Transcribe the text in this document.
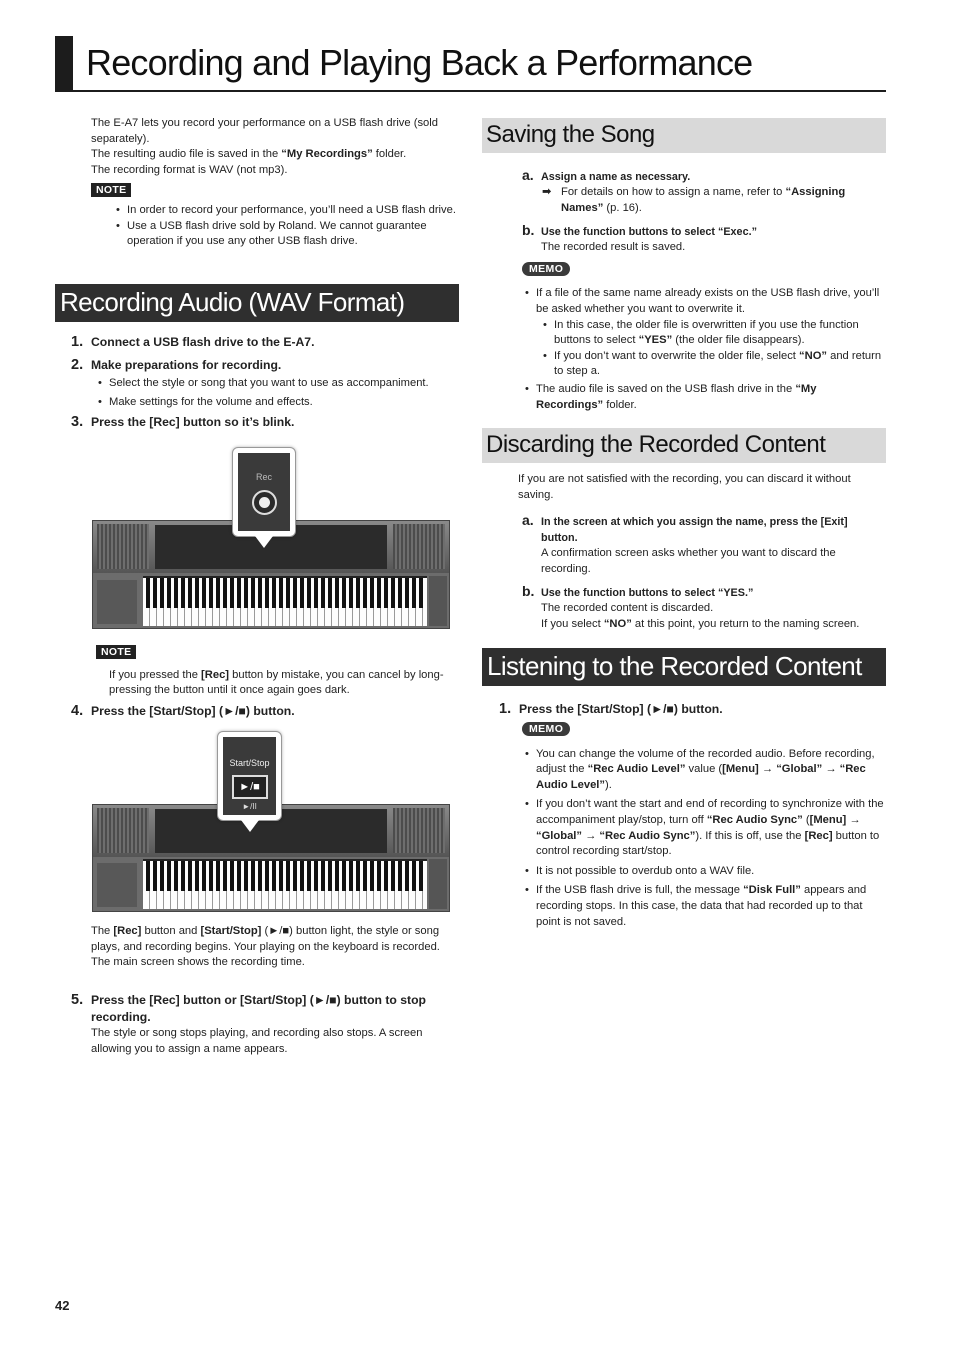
Recording and Playing Back a Performance

The E-A7 lets you record your performance on a USB flash drive (sold separately).

The resulting audio file is saved in the “My Recordings” folder.

The recording format is WAV (not mp3).

NOTE
• In order to record your performance, you’ll need a USB flash drive.
• Use a USB flash drive sold by Roland. We cannot guarantee operation if you use any other USB flash drive.
Recording Audio (WAV Format)
1. Connect a USB flash drive to the E-A7.
2. Make preparations for recording.
• Select the style or song that you want to use as accompaniment.
• Make settings for the volume and effects.
3. Press the [Rec] button so it’s blink.
Rec
NOTE

If you pressed the [Rec] button by mistake, you can cancel by long-pressing the button until it once again goes dark.

4. Press the [Start/Stop] (►/■) button.
Start/Stop
►/■
►/II

The [Rec] button and [Start/Stop] (►/■) button light, the style or song plays, and recording begins. Your playing on the keyboard is recorded.

The main screen shows the recording time.

5. Press the [Rec] button or [Start/Stop] (►/■) button to stop recording.

The style or song stops playing, and recording also stops. A screen allowing you to assign a name appears.

Saving the Song
a. Assign a name as necessary.

➡ For details on how to assign a name, refer to “Assigning Names” (p. 16).

b. Use the function buttons to select “Exec.”

The recorded result is saved.

MEMO
• If a file of the same name already exists on the USB flash drive, you’ll be asked whether you want to overwrite it.
• In this case, the older file is overwritten if you use the function buttons to select “YES” (the older file disappears).
• If you don’t want to overwrite the older file, select “NO” and return to step a.
• The audio file is saved on the USB flash drive in the “My Recordings” folder.
Discarding the Recorded Content

If you are not satisfied with the recording, you can discard it without saving.

a. In the screen at which you assign the name, press the [Exit] button.

A confirmation screen asks whether you want to discard the recording.

b. Use the function buttons to select “YES.”

The recorded content is discarded.

If you select “NO” at this point, you return to the naming screen.

Listening to the Recorded Content
1. Press the [Start/Stop] (►/■) button.
MEMO
• You can change the volume of the recorded audio. Before recording, adjust the “Rec Audio Level” value ([Menu] → “Global” → “Rec Audio Level”).
• If you don’t want the start and end of recording to synchronize with the accompaniment play/stop, turn off “Rec Audio Sync” ([Menu] → “Global” → “Rec Audio Sync”). If this is off, use the [Rec] button to control recording start/stop.
• It is not possible to overdub onto a WAV file.
• If the USB flash drive is full, the message “Disk Full” appears and recording stops. In this case, the data that had recorded up to that point is not saved.
42
